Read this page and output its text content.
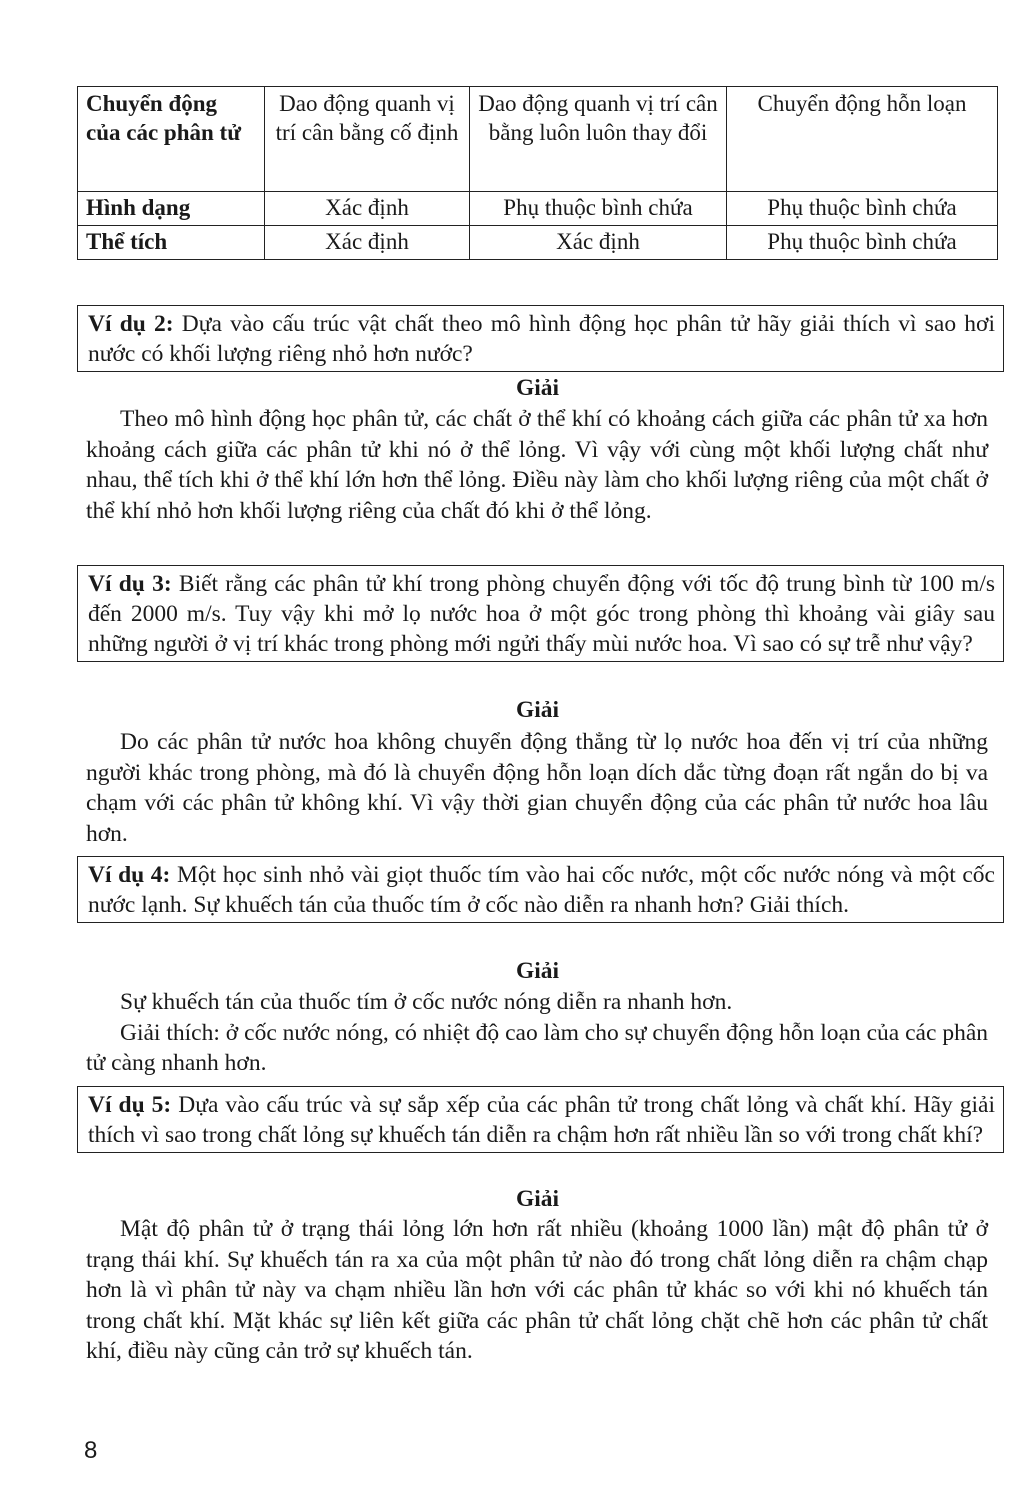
Chuyển động của các phân tử	Dao động quanh vị trí cân bằng cố định	Dao động quanh vị trí cân bằng luôn luôn thay đổi	Chuyển động hỗn loạn
Hình dạng	Xác định	Phụ thuộc bình chứa	Phụ thuộc bình chứa
Thể tích	Xác định	Xác định	Phụ thuộc bình chứa
Ví dụ 2: Dựa vào cấu trúc vật chất theo mô hình động học phân tử hãy giải thích vì sao hơi nước có khối lượng riêng nhỏ hơn nước?
Giải

Theo mô hình động học phân tử, các chất ở thể khí có khoảng cách giữa các phân tử xa hơn khoảng cách giữa các phân tử khi nó ở thể lỏng. Vì vậy với cùng một khối lượng chất như nhau, thể tích khi ở thể khí lớn hơn thể lỏng. Điều này làm cho khối lượng riêng của một chất ở thể khí nhỏ hơn khối lượng riêng của chất đó khi ở thể lỏng.

Ví dụ 3: Biết rằng các phân tử khí trong phòng chuyển động với tốc độ trung bình từ 100 m/s đến 2000 m/s. Tuy vậy khi mở lọ nước hoa ở một góc trong phòng thì khoảng vài giây sau những người ở vị trí khác trong phòng mới ngửi thấy mùi nước hoa. Vì sao có sự trễ như vậy?
Giải

Do các phân tử nước hoa không chuyển động thẳng từ lọ nước hoa đến vị trí của những người khác trong phòng, mà đó là chuyển động hỗn loạn dích dắc từng đoạn rất ngắn do bị va chạm với các phân tử không khí. Vì vậy thời gian chuyển động của các phân tử nước hoa lâu hơn.

Ví dụ 4: Một học sinh nhỏ vài giọt thuốc tím vào hai cốc nước, một cốc nước nóng và một cốc nước lạnh. Sự khuếch tán của thuốc tím ở cốc nào diễn ra nhanh hơn? Giải thích.
Giải

Sự khuếch tán của thuốc tím ở cốc nước nóng diễn ra nhanh hơn.

Giải thích: ở cốc nước nóng, có nhiệt độ cao làm cho sự chuyển động hỗn loạn của các phân tử càng nhanh hơn.

Ví dụ 5: Dựa vào cấu trúc và sự sắp xếp của các phân tử trong chất lỏng và chất khí. Hãy giải thích vì sao trong chất lỏng sự khuếch tán diễn ra chậm hơn rất nhiều lần so với trong chất khí?
Giải

Mật độ phân tử ở trạng thái lỏng lớn hơn rất nhiều (khoảng 1000 lần) mật độ phân tử ở trạng thái khí. Sự khuếch tán ra xa của một phân tử nào đó trong chất lỏng diễn ra chậm chạp hơn là vì phân tử này va chạm nhiều lần hơn với các phân tử khác so với khi nó khuếch tán trong chất khí. Mặt khác sự liên kết giữa các phân tử chất lỏng chặt chẽ hơn các phân tử chất khí, điều này cũng cản trở sự khuếch tán.

8
